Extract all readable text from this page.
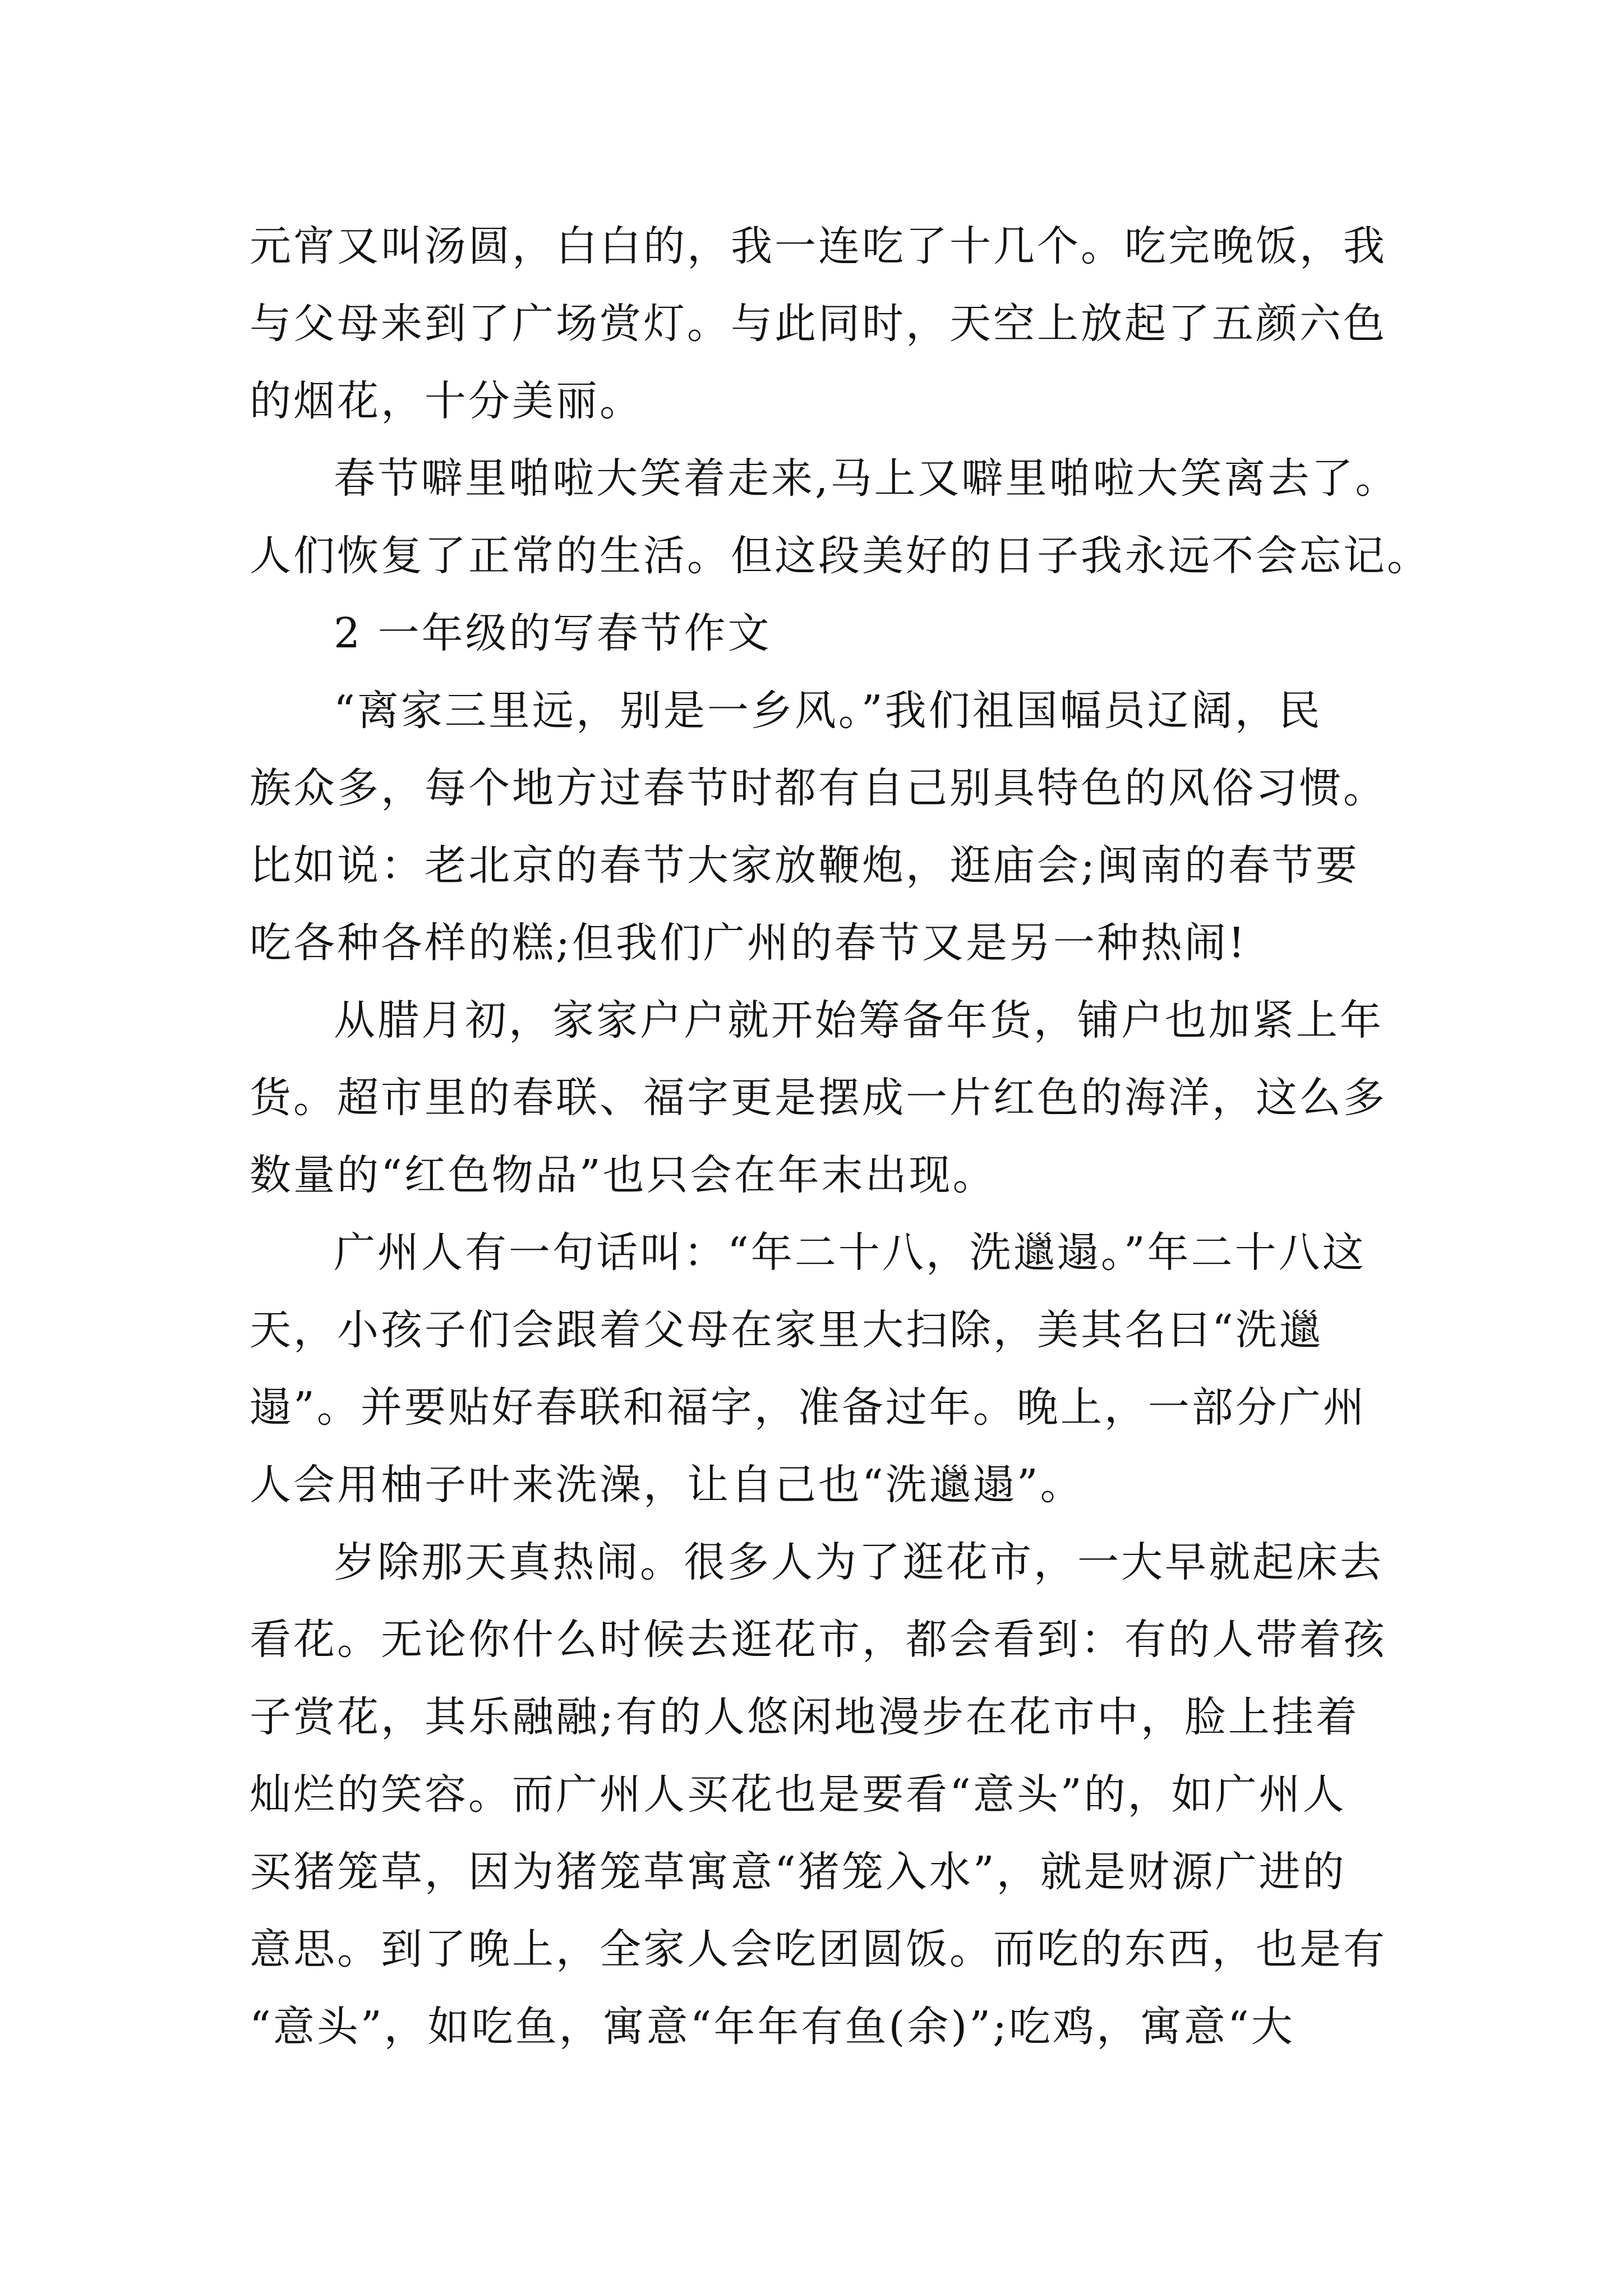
元宵又叫汤圆，白白的，我一连吃了十几个。吃完晚饭，我
与父母来到了广场赏灯。与此同时，天空上放起了五颜六色
的烟花，十分美丽。
春节噼里啪啦大笑着走来,马上又噼里啪啦大笑离去了。
人们恢复了正常的生活。但这段美好的日子我永远不会忘记。
2 一年级的写春节作文
“离家三里远，别是一乡风。”我们祖国幅员辽阔，民
族众多，每个地方过春节时都有自己别具特色的风俗习惯。
比如说：老北京的春节大家放鞭炮，逛庙会;闽南的春节要
吃各种各样的糕;但我们广州的春节又是另一种热闹!
从腊月初，家家户户就开始筹备年货，铺户也加紧上年
货。超市里的春联、福字更是摆成一片红色的海洋，这么多
数量的“红色物品”也只会在年末出现。
广州人有一句话叫：“年二十八，洗邋遢。”年二十八这
天，小孩子们会跟着父母在家里大扫除，美其名曰“洗邋
遢”。并要贴好春联和福字，准备过年。晚上，一部分广州
人会用柚子叶来洗澡，让自己也“洗邋遢”。
岁除那天真热闹。很多人为了逛花市，一大早就起床去
看花。无论你什么时候去逛花市，都会看到：有的人带着孩
子赏花，其乐融融;有的人悠闲地漫步在花市中，脸上挂着
灿烂的笑容。而广州人买花也是要看“意头”的，如广州人
买猪笼草，因为猪笼草寓意“猪笼入水”，就是财源广进的
意思。到了晚上，全家人会吃团圆饭。而吃的东西，也是有
“意头”，如吃鱼，寓意“年年有鱼(余)”;吃鸡，寓意“大
